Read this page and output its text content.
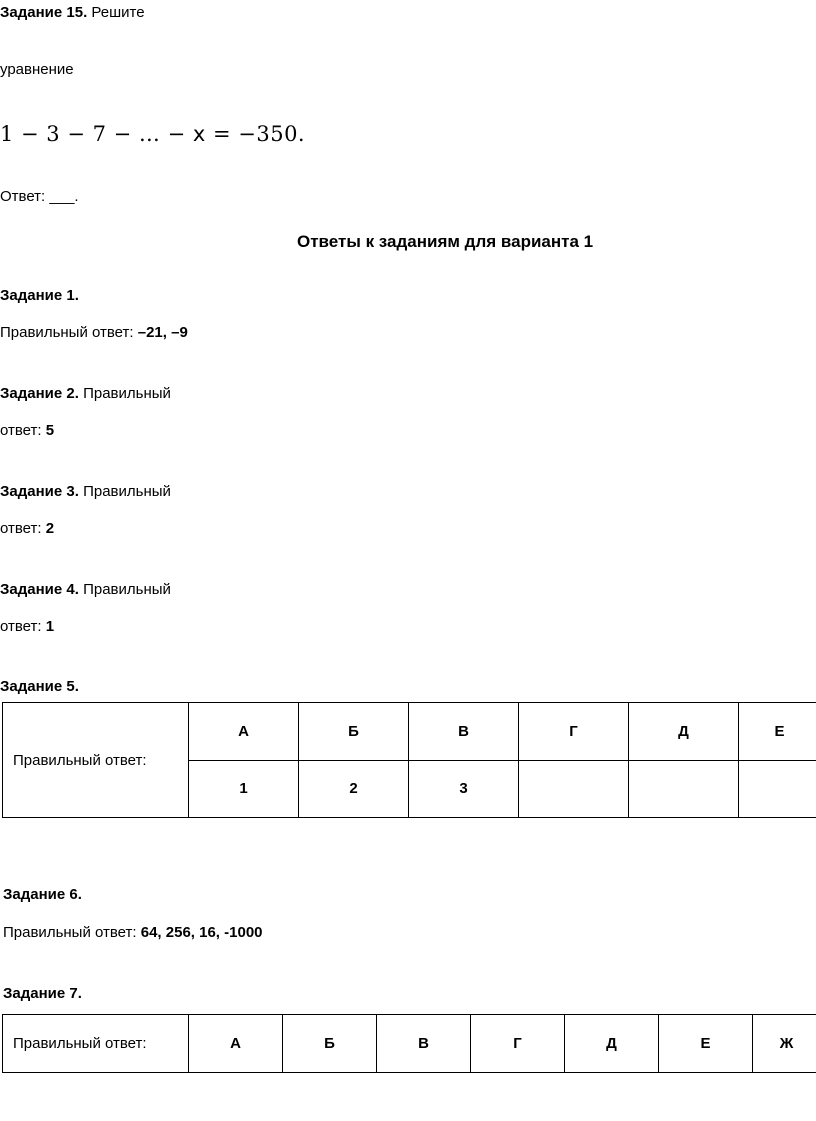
Задание 15. Решите
уравнение
1 − 3 − 7 − … − x = −350.
Ответ: ___.
Ответы к заданиям для варианта 1
Задание 1.
Правильный ответ: –21, –9
Задание 2. Правильный
ответ: 5
Задание 3. Правильный
ответ: 2
Задание 4. Правильный
ответ: 1
Задание 5.
Правильный ответ:	А	Б	В	Г	Д	Е
	1	2	3			
Задание 6.
Правильный ответ: 64, 256, 16, -1000
Задание 7.
Правильный ответ:	А	Б	В	Г	Д	Е	Ж
